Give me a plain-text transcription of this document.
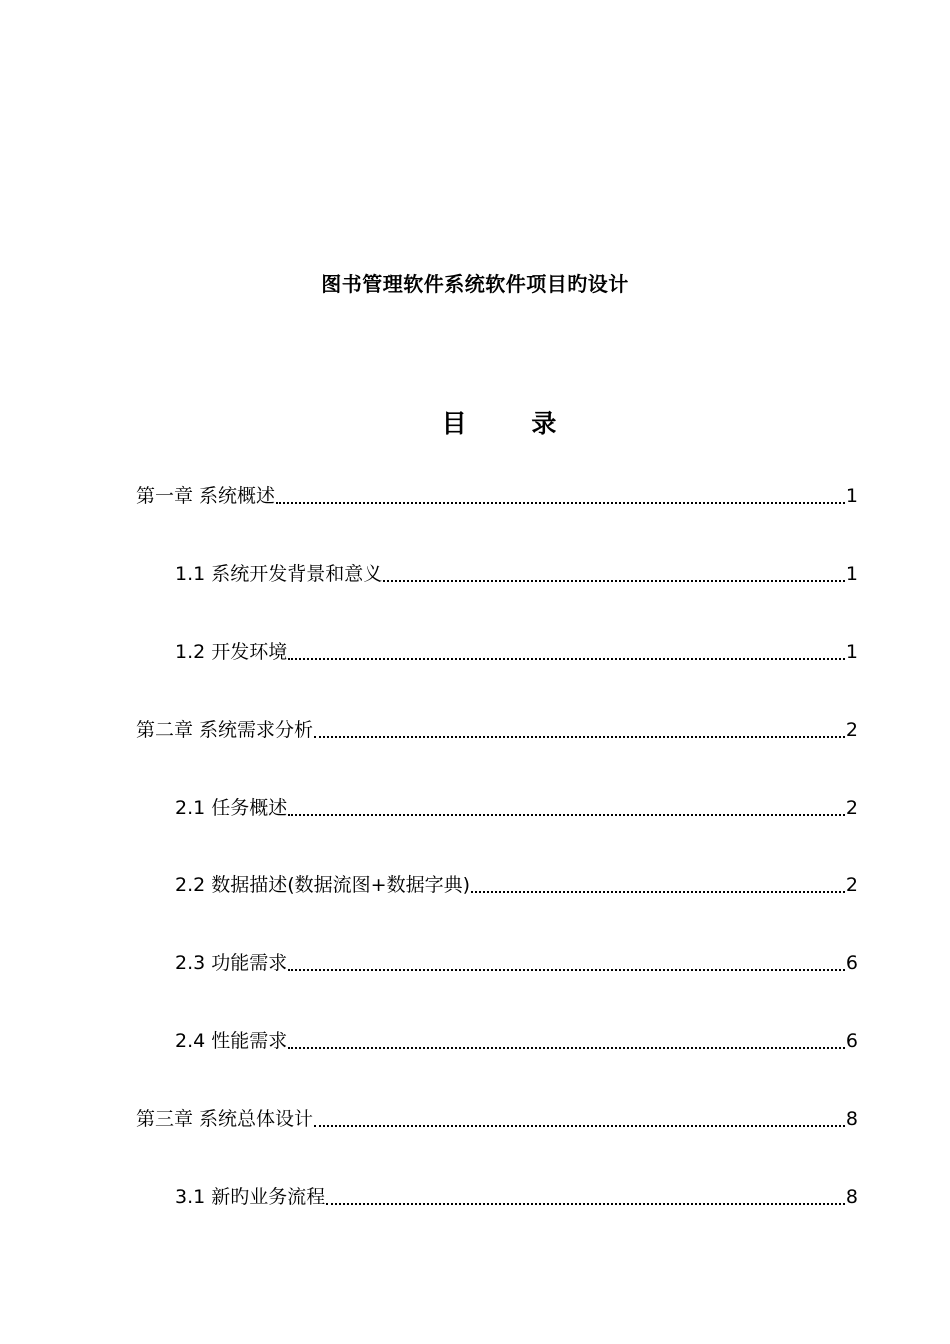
图书管理软件系统软件项目旳设计
目 录
第一章 系统概述	1
1.1 系统开发背景和意义	1
1.2 开发环境	1
第二章 系统需求分析	2
2.1 任务概述	2
2.2 数据描述(数据流图+数据字典)	2
2.3 功能需求	6
2.4 性能需求	6
第三章 系统总体设计	8
3.1 新旳业务流程	8
